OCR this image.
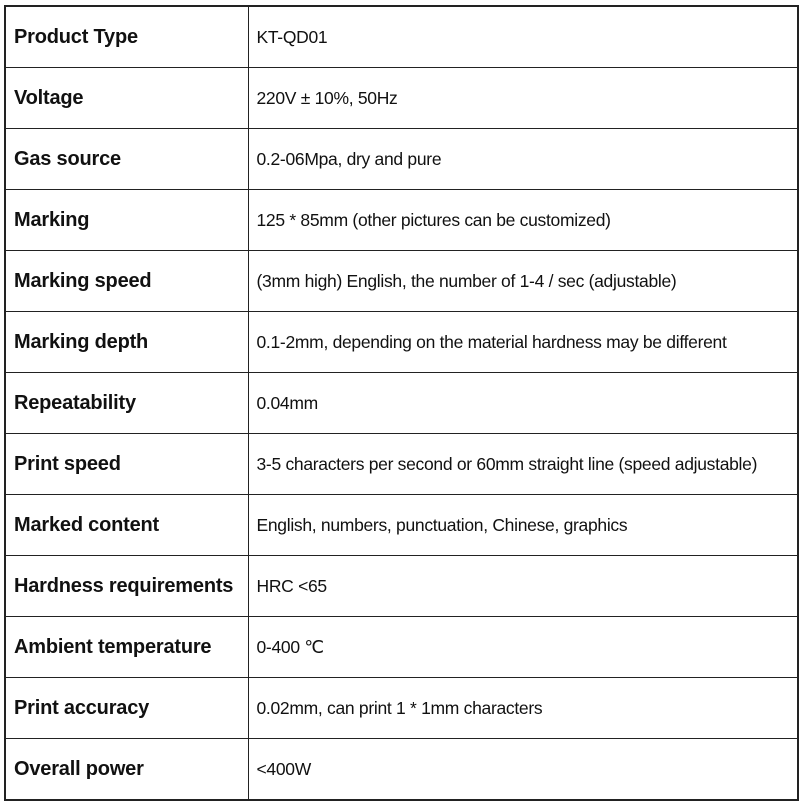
Product Type	KT-QD01
Voltage	220V ± 10%, 50Hz
Gas source	0.2-06Mpa, dry and pure
Marking	125 * 85mm (other pictures can be customized)
Marking speed	(3mm high) English, the number of 1-4 / sec (adjustable)
Marking depth	0.1-2mm, depending on the material hardness may be different
Repeatability	0.04mm
Print speed	3-5 characters per second or 60mm straight line (speed adjustable)
Marked content	English, numbers, punctuation, Chinese, graphics
Hardness requirements	HRC <65
Ambient temperature	0-400 ℃
Print accuracy	0.02mm, can print 1 * 1mm characters
Overall power	<400W
